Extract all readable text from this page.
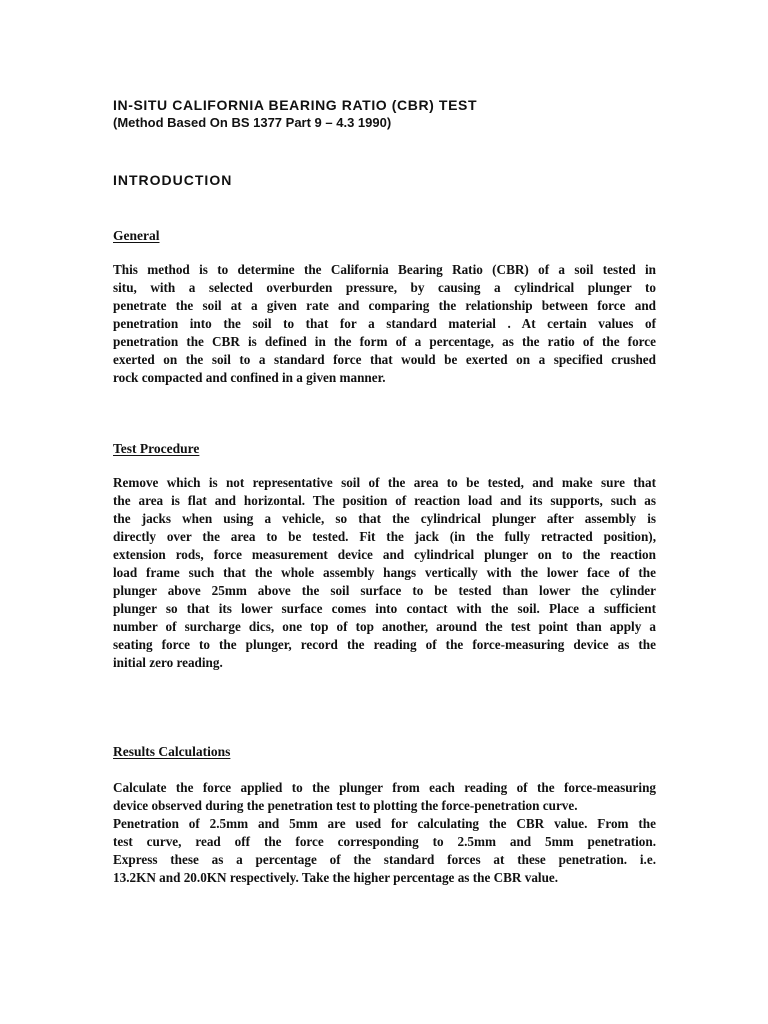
IN-SITU CALIFORNIA BEARING RATIO (CBR) TEST
(Method Based On BS 1377 Part 9 – 4.3 1990)
INTRODUCTION
General
This method is to determine the California Bearing Ratio (CBR) of a soil tested in
situ, with a selected overburden pressure, by causing a cylindrical plunger to
penetrate the soil at a given rate and comparing the relationship between force and
penetration into the soil to that for a standard material . At certain values of
penetration the CBR is defined in the form of a percentage, as the ratio of the force
exerted on the soil to a standard force that would be exerted on a specified crushed
rock compacted and confined in a given manner.
Test Procedure
Remove which is not representative soil of the area to be tested, and make sure that
the area is flat and horizontal. The position of reaction load and its supports, such as
the jacks when using a vehicle, so that the cylindrical plunger after assembly is
directly over the area to be tested. Fit the jack (in the fully retracted position),
extension rods, force measurement device and cylindrical plunger on to the reaction
load frame such that the whole assembly hangs vertically with the lower face of the
plunger above 25mm above the soil surface to be tested than lower the cylinder
plunger so that its lower surface comes into contact with the soil. Place a sufficient
number of surcharge dics, one top of top another, around the test point than apply a
seating force to the plunger, record the reading of the force-measuring device as the
initial zero reading.
Results Calculations
Calculate the force applied to the plunger from each reading of the force-measuring
device observed during the penetration test to plotting the force-penetration curve.
Penetration of 2.5mm and 5mm are used for calculating the CBR value. From the
test curve, read off the force corresponding to 2.5mm and 5mm penetration.
Express these as a percentage of the standard forces at these penetration. i.e.
13.2KN and 20.0KN respectively. Take the higher percentage as the CBR value.
